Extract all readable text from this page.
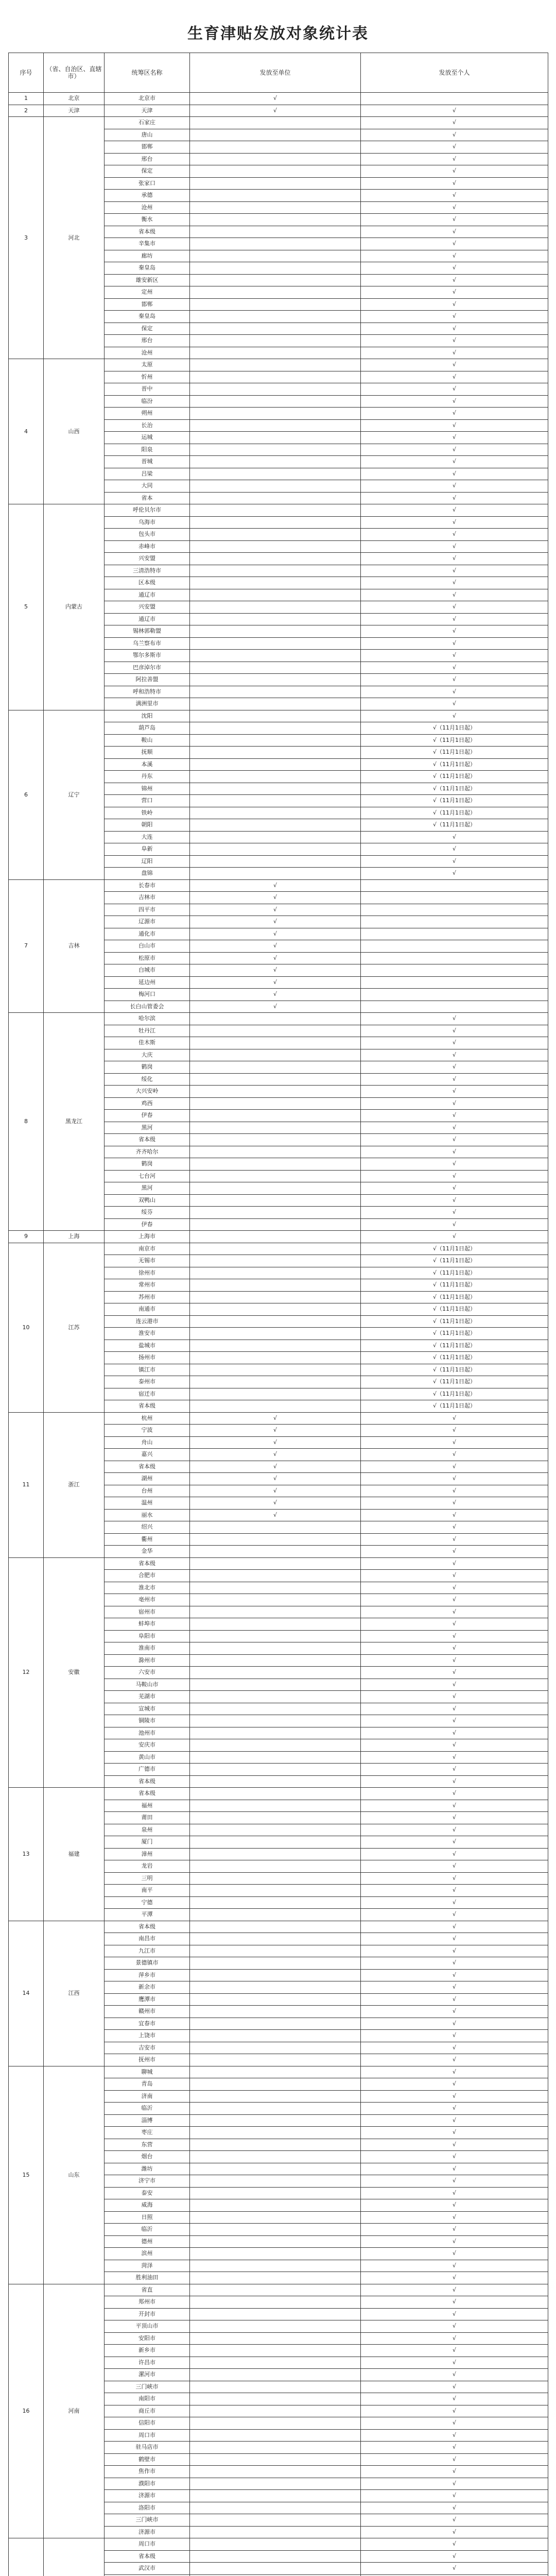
生育津贴发放对象统计表
序号	（省、自治区、直辖市）	统筹区名称	发放至单位	发放至个人
1	北京	北京市	√	
2	天津	天津	√	√
3	河北	石家庄		√
		唐山		√
		邯郸		√
		邢台		√
		保定		√
		张家口		√
		承德		√
		沧州		√
		衡水		√
		省本级		√
		辛集市		√
		廊坊		√
		秦皇岛		√
		雄安新区		√
		定州		√
		邯郸		√
		秦皇岛		√
		保定		√
		邢台		√
		沧州		√
4	山西	太原		√
		忻州		√
		晋中		√
		临汾		√
		朔州		√
		长治		√
		运城		√
		阳泉		√
		晋城		√
		吕梁		√
		大同		√
		省本		√
5	内蒙古	呼伦贝尔市		√
		乌海市		√
		包头市		√
		赤峰市		√
		兴安盟		√
		三清浩特市		√
		区本级		√
		通辽市		√
		兴安盟		√
		通辽市		√
		锡林郭勒盟		√
		乌兰察布市		√
		鄂尔多斯市		√
		巴彦淖尔市		√
		阿拉善盟		√
		呼和浩特市		√
		满洲里市		√
6	辽宁	沈阳		√
		葫芦岛		√（11月1日起）
		鞍山		√（11月1日起）
		抚顺		√（11月1日起）
		本溪		√（11月1日起）
		丹东		√（11月1日起）
		锦州		√（11月1日起）
		营口		√（11月1日起）
		铁岭		√（11月1日起）
		朝阳		√（11月1日起）
		大连		√
		阜新		√
		辽阳		√
		盘锦		√
7	吉林	长春市	√	
		吉林市	√	
		四平市	√	
		辽源市	√	
		通化市	√	
		白山市	√	
		松原市	√	
		白城市	√	
		延边州	√	
		梅河口	√	
		长白山管委会	√	
8	黑龙江	哈尔滨		√
		牡丹江		√
		佳木斯		√
		大庆		√
		鹤岗		√
		绥化		√
		大兴安岭		√
		鸡西		√
		伊春		√
		黑河		√
		省本级		√
		齐齐哈尔		√
		鹤岗		√
		七台河		√
		黑河		√
		双鸭山		√
		绥芬		√
		伊春		√
9	上海	上海市		√
10	江苏	南京市		√（11月1日起）
		无锡市		√（11月1日起）
		徐州市		√（11月1日起）
		常州市		√（11月1日起）
		苏州市		√（11月1日起）
		南通市		√（11月1日起）
		连云港市		√（11月1日起）
		淮安市		√（11月1日起）
		盐城市		√（11月1日起）
		扬州市		√（11月1日起）
		镇江市		√（11月1日起）
		泰州市		√（11月1日起）
		宿迁市		√（11月1日起）
		省本级		√（11月1日起）
11	浙江	杭州	√	√
		宁波	√	√
		舟山	√	√
		嘉兴	√	√
		省本级	√	√
		湖州	√	√
		台州	√	√
		温州	√	√
		丽水	√	√
		绍兴		√
		衢州		√
		金华		√
12	安徽	省本级		√
		合肥市		√
		淮北市		√
		亳州市		√
		宿州市		√
		蚌埠市		√
		阜阳市		√
		淮南市		√
		滁州市		√
		六安市		√
		马鞍山市		√
		芜湖市		√
		宣城市		√
		铜陵市		√
		池州市		√
		安庆市		√
		黄山市		√
		广德市		√
		省本级		√
13	福建	省本级		√
		福州		√
		莆田		√
		泉州		√
		厦门		√
		漳州		√
		龙岩		√
		三明		√
		南平		√
		宁德		√
		平潭		√
14	江西	省本级		√
		南昌市		√
		九江市		√
		景德镇市		√
		萍乡市		√
		新余市		√
		鹰潭市		√
		赣州市		√
		宜春市		√
		上饶市		√
		吉安市		√
		抚州市		√
15	山东	聊城		√
		青岛		√
		济南		√
		临沂		√
		淄博		√
		枣庄		√
		东营		√
		烟台		√
		潍坊		√
		济宁市		√
		泰安		√
		威海		√
		日照		√
		临沂		√
		德州		√
		滨州		√
		菏泽		√
		胜利油田		√
16	河南	省直		√
		郑州市		√
		开封市		√
		平顶山市		√
		安阳市		√
		新乡市		√
		许昌市		√
		漯河市		√
		三门峡市		√
		南阳市		√
		商丘市		√
		信阳市		√
		周口市		√
		驻马店市		√
		鹤壁市		√
		焦作市		√
		濮阳市		√
		济源市		√
		洛阳市		√
		三门峡市		√
		济源市		√
		周口市		√
		省本级		√
		武汉市		√
